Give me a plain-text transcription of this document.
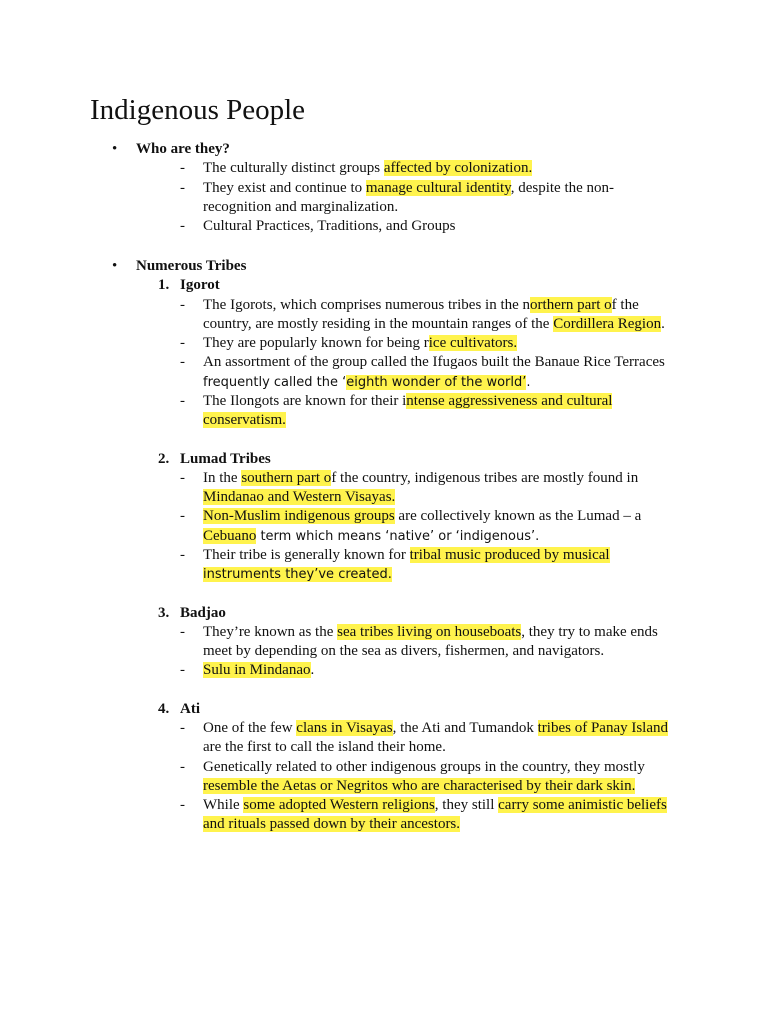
Indigenous People
• Who are they?
- The culturally distinct groups affected by colonization.
- They exist and continue to manage cultural identity, despite the non-
recognition and marginalization.
- Cultural Practices, Traditions, and Groups
• Numerous Tribes
1. Igorot
- The Igorots, which comprises numerous tribes in the northern part of the
country, are mostly residing in the mountain ranges of the Cordillera Region.
- They are popularly known for being rice cultivators.
- An assortment of the group called the Ifugaos built the Banaue Rice Terraces
frequently called the ‘eighth wonder of the world’.
- The Ilongots are known for their intense aggressiveness and cultural
conservatism.
2. Lumad Tribes
- In the southern part of the country, indigenous tribes are mostly found in
Mindanao and Western Visayas.
- Non-Muslim indigenous groups are collectively known as the Lumad – a
Cebuano term which means ‘native’ or ‘indigenous’.
- Their tribe is generally known for tribal music produced by musical
instruments they’ve created.
3. Badjao
- They’re known as the sea tribes living on houseboats, they try to make ends
meet by depending on the sea as divers, fishermen, and navigators.
- Sulu in Mindanao.
4. Ati
- One of the few clans in Visayas, the Ati and Tumandok tribes of Panay Island
are the first to call the island their home.
- Genetically related to other indigenous groups in the country, they mostly
resemble the Aetas or Negritos who are characterised by their dark skin.
- While some adopted Western religions, they still carry some animistic beliefs
and rituals passed down by their ancestors.
